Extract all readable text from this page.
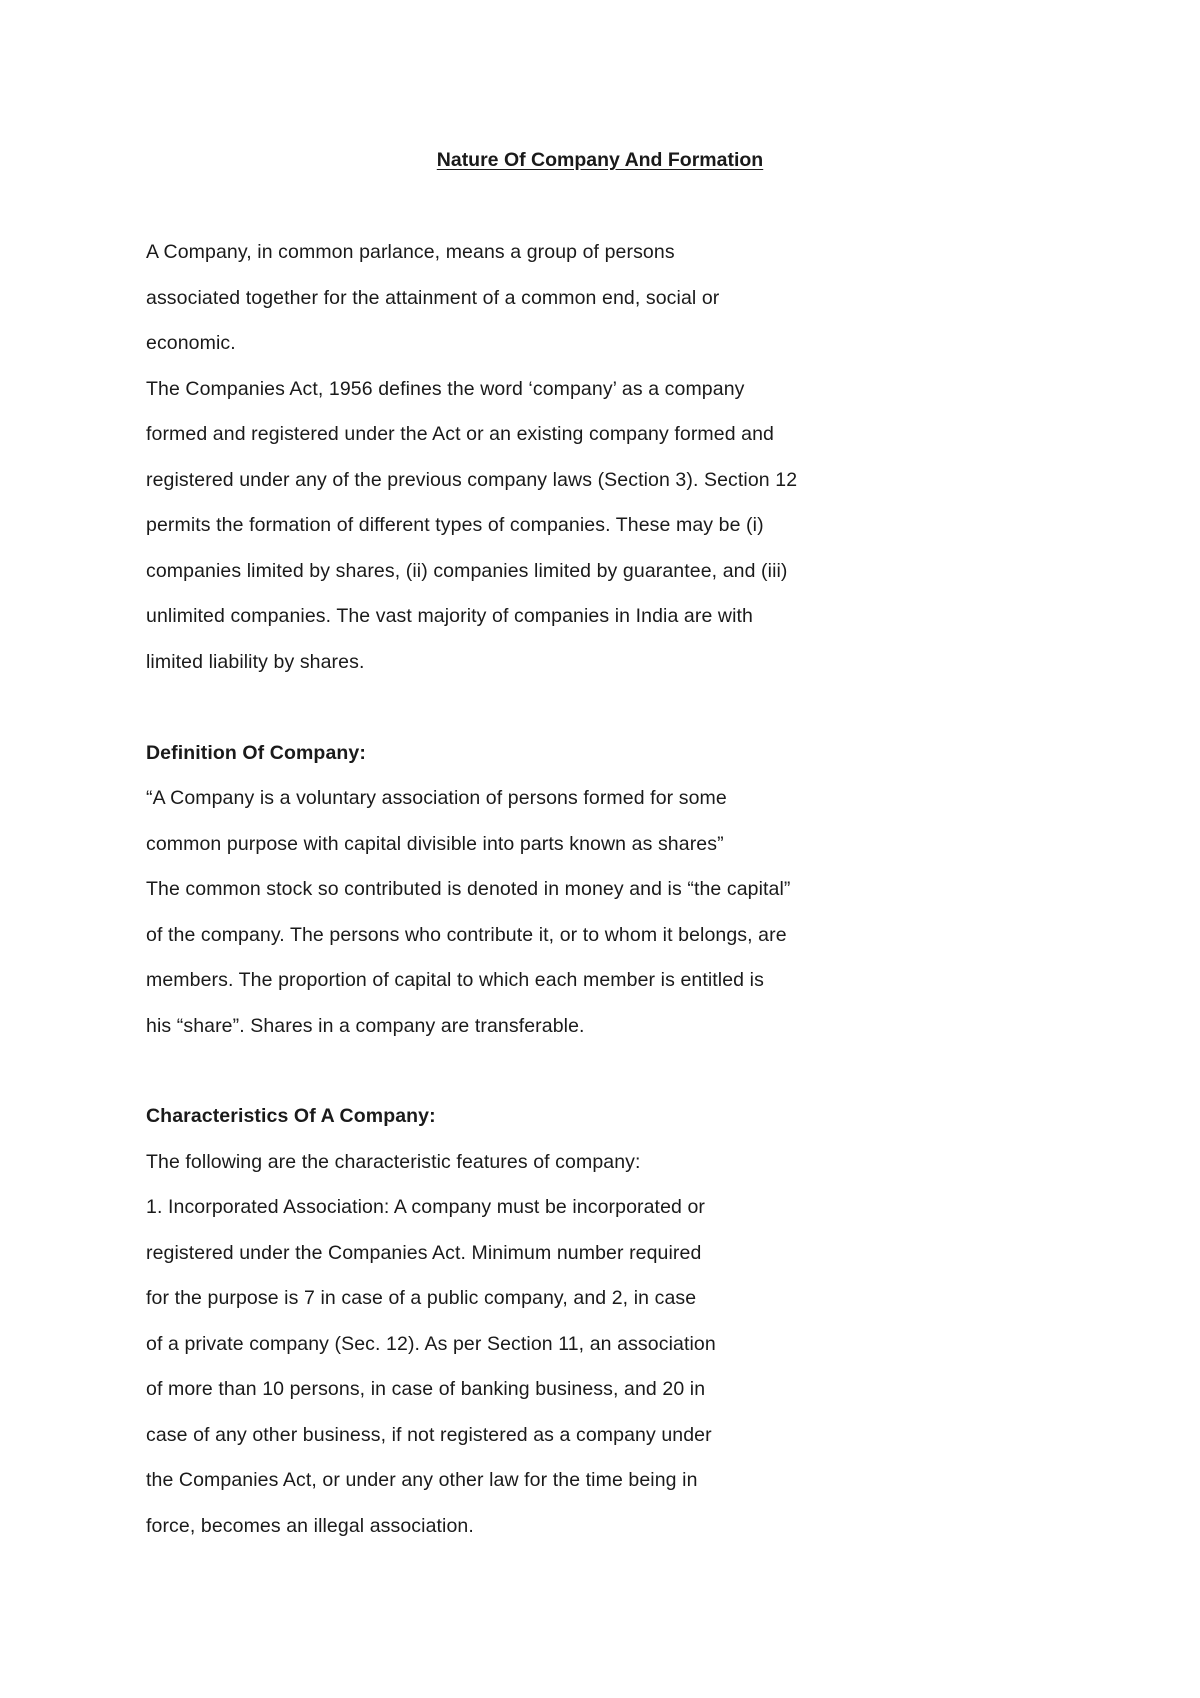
Nature Of Company And Formation
A Company, in common parlance, means a group of persons
associated together for the attainment of a common end, social or
economic.
The Companies Act, 1956 defines the word ‘company’ as a company
formed and registered under the Act or an existing company formed and
registered under any of the previous company laws (Section 3). Section 12
permits the formation of different types of companies. These may be (i)
companies limited by shares, (ii) companies limited by guarantee, and (iii)
unlimited companies. The vast majority of companies in India are with
limited liability by shares.
Definition Of Company:
“A Company is a voluntary association of persons formed for some
common purpose with capital divisible into parts known as shares”
The common stock so contributed is denoted in money and is “the capital”
of the company. The persons who contribute it, or to whom it belongs, are
members. The proportion of capital to which each member is entitled is
his “share”. Shares in a company are transferable.
Characteristics Of A Company:
The following are the characteristic features of company:
1. Incorporated Association: A company must be incorporated or
registered under the Companies Act. Minimum number required
for the purpose is 7 in case of a public company, and 2, in case
of a private company (Sec. 12). As per Section 11, an association
of more than 10 persons, in case of banking business, and 20 in
case of any other business, if not registered as a company under
the Companies Act, or under any other law for the time being in
force, becomes an illegal association.
